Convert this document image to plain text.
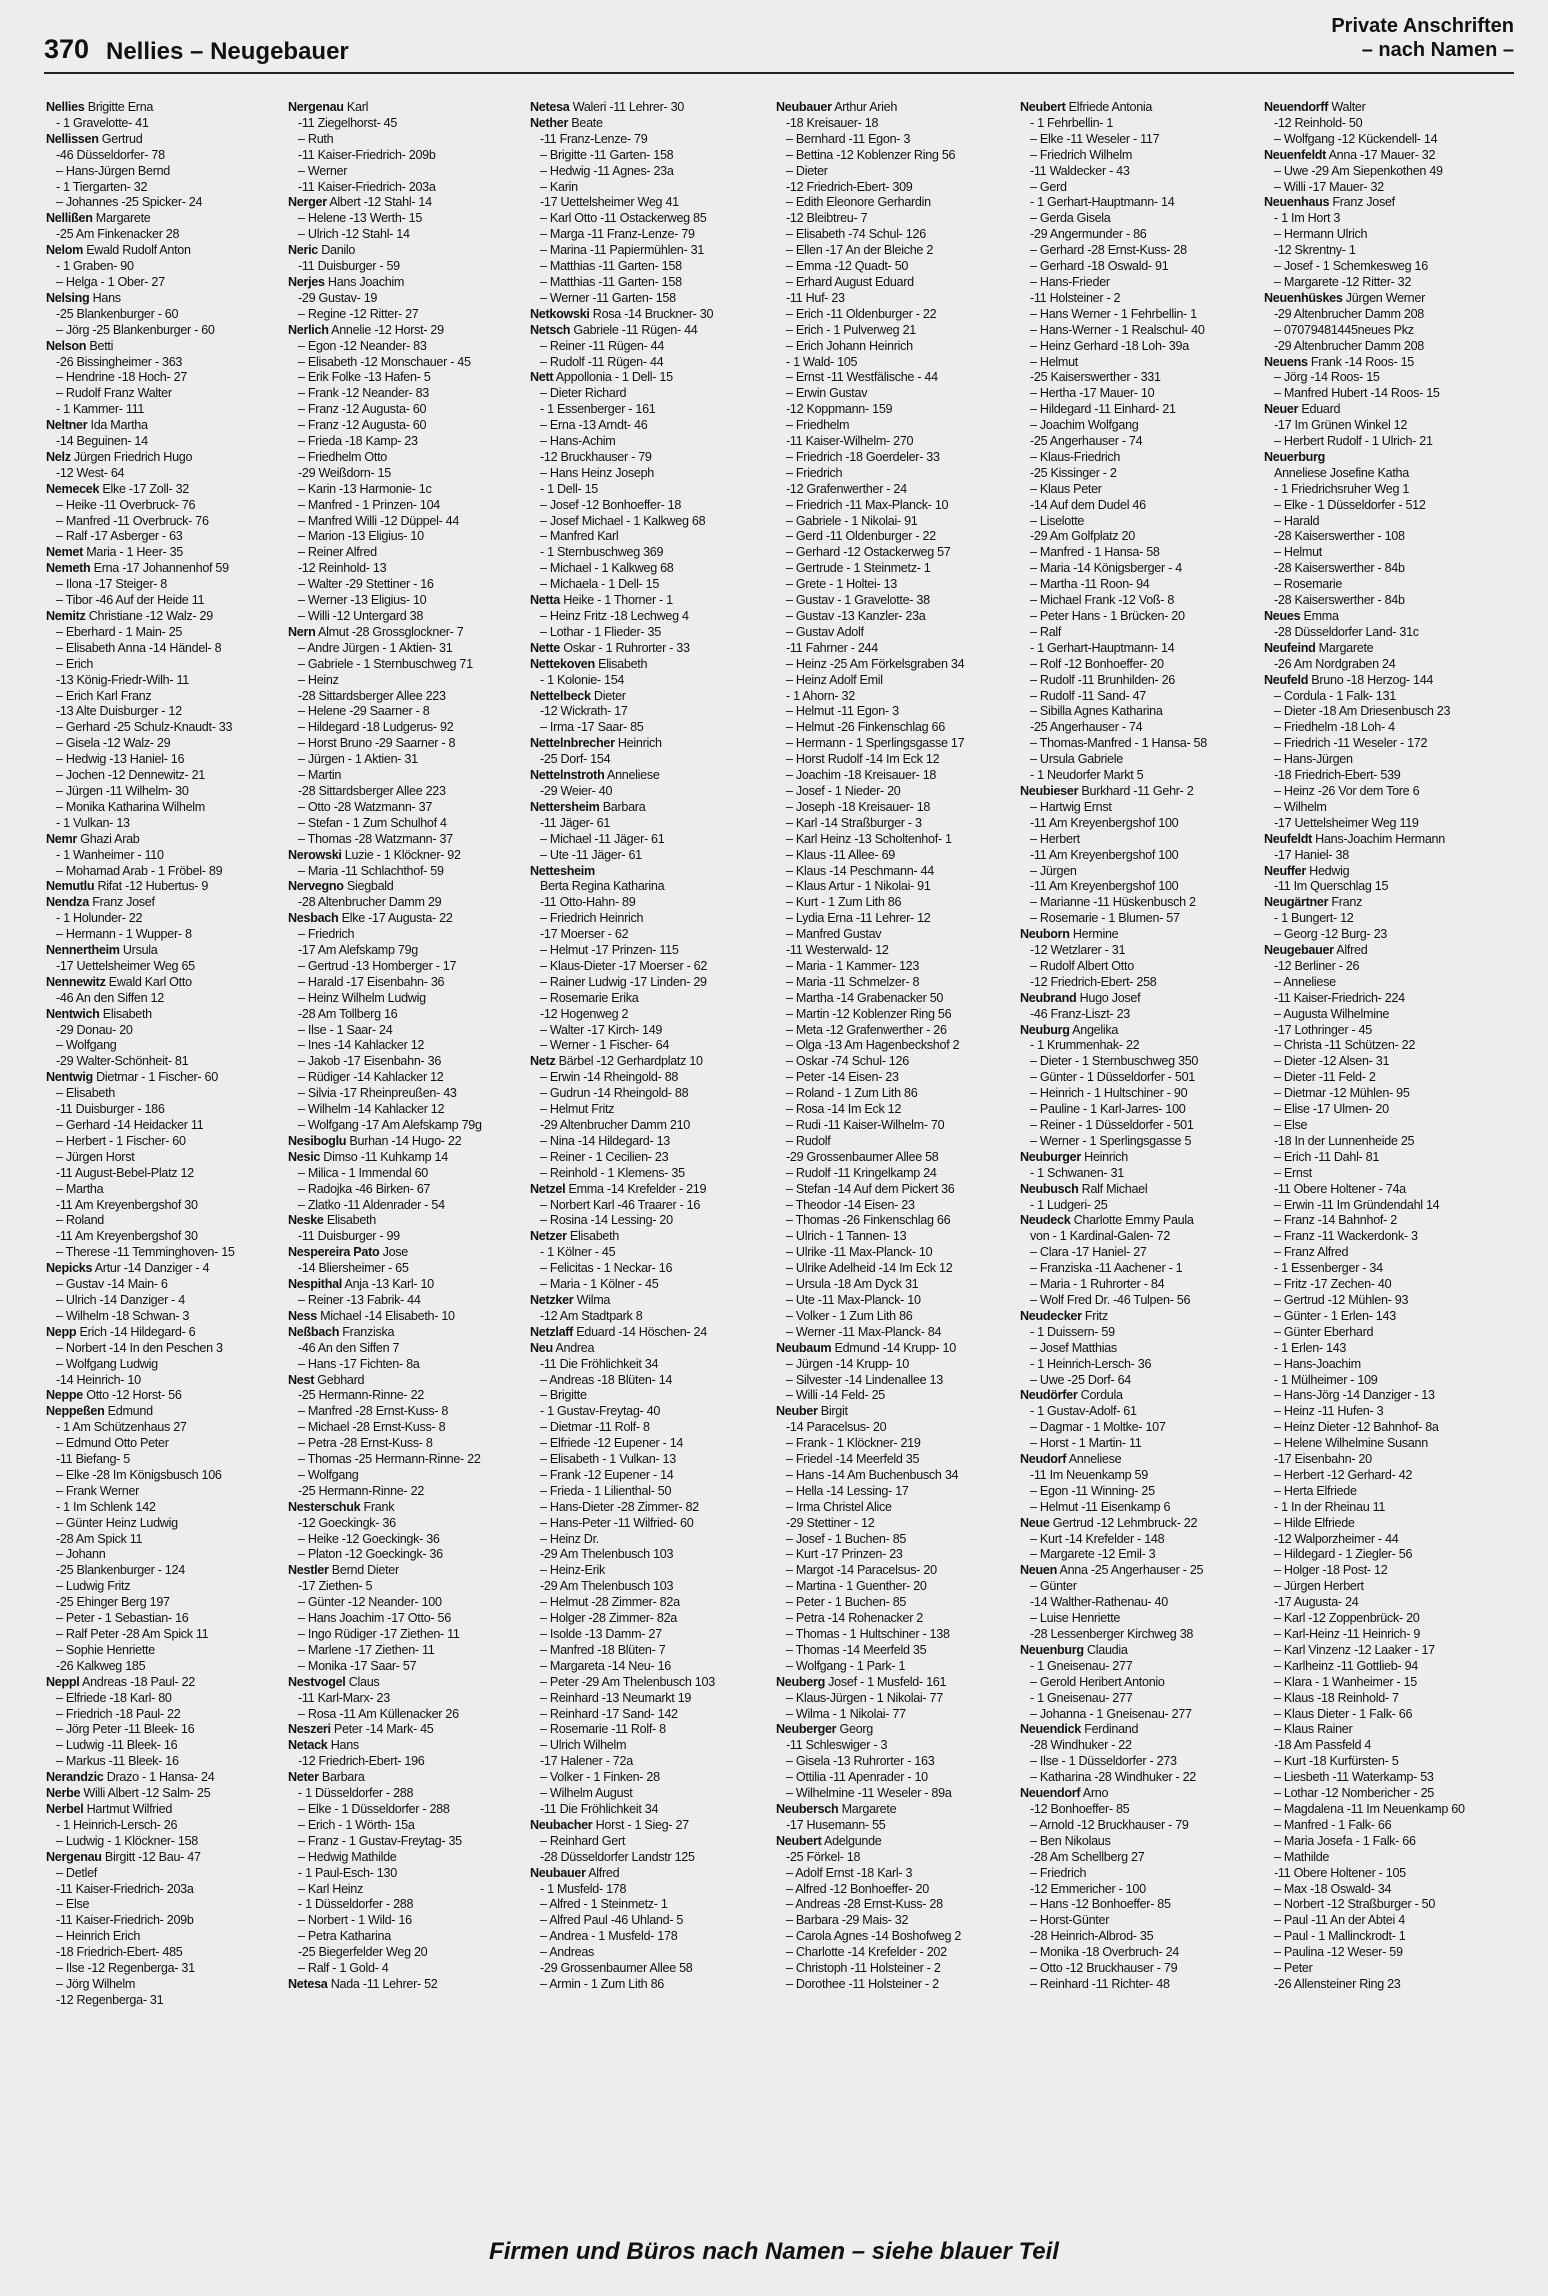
370 Nellies – Neugebauer
Private Anschriften
– nach Namen –
Nellies Brigitte Erna
- 1 Gravelotte- 41
Nellissen Gertrud
-46 Düsseldorfer- 78
– Hans-Jürgen Bernd
- 1 Tiergarten- 32
– Johannes -25 Spicker- 24
Nellißen Margarete
-25 Am Finkenacker 28
Nelom Ewald Rudolf Anton
- 1 Graben- 90
– Helga - 1 Ober- 27
Nelsing Hans
-25 Blankenburger - 60
– Jörg -25 Blankenburger - 60
Nelson Betti
-26 Bissingheimer - 363
– Hendrine -18 Hoch- 27
– Rudolf Franz Walter
- 1 Kammer- 111
Neltner Ida Martha
-14 Beguinen- 14
Nelz Jürgen Friedrich Hugo
-12 West- 64
Nemecek Elke -17 Zoll- 32
– Heike -11 Overbruck- 76
– Manfred -11 Overbruck- 76
– Ralf -17 Asberger - 63
Nemet Maria - 1 Heer- 35
Nemeth Erna -17 Johannenhof 59
– Ilona -17 Steiger- 8
– Tibor -46 Auf der Heide 11
Nemitz Christiane -12 Walz- 29
– Eberhard - 1 Main- 25
– Elisabeth Anna -14 Händel- 8
– Erich
-13 König-Friedr-Wilh- 11
– Erich Karl Franz
-13 Alte Duisburger - 12
– Gerhard -25 Schulz-Knaudt- 33
– Gisela -12 Walz- 29
– Hedwig -13 Haniel- 16
– Jochen -12 Dennewitz- 21
– Jürgen -11 Wilhelm- 30
– Monika Katharina Wilhelm
- 1 Vulkan- 13
Nemr Ghazi Arab
- 1 Wanheimer - 110
– Mohamad Arab - 1 Fröbel- 89
Nemutlu Rifat -12 Hubertus- 9
Nendza Franz Josef
- 1 Holunder- 22
– Hermann - 1 Wupper- 8
Nennertheim Ursula
-17 Uettelsheimer Weg 65
Nennewitz Ewald Karl Otto
-46 An den Siffen 12
Nentwich Elisabeth
-29 Donau- 20
– Wolfgang
-29 Walter-Schönheit- 81
Nentwig Dietmar - 1 Fischer- 60
– Elisabeth
-11 Duisburger - 186
– Gerhard -14 Heidacker 11
– Herbert - 1 Fischer- 60
– Jürgen Horst
-11 August-Bebel-Platz 12
– Martha
-11 Am Kreyenbergshof 30
– Roland
-11 Am Kreyenbergshof 30
– Therese -11 Temminghoven- 15
Nepicks Artur -14 Danziger - 4
– Gustav -14 Main- 6
– Ulrich -14 Danziger - 4
– Wilhelm -18 Schwan- 3
Nepp Erich -14 Hildegard- 6
– Norbert -14 In den Peschen 3
– Wolfgang Ludwig
-14 Heinrich- 10
Neppe Otto -12 Horst- 56
Neppeßen Edmund
- 1 Am Schützenhaus 27
– Edmund Otto Peter
-11 Biefang- 5
– Elke -28 Im Königsbusch 106
– Frank Werner
- 1 Im Schlenk 142
– Günter Heinz Ludwig
-28 Am Spick 11
– Johann
-25 Blankenburger - 124
– Ludwig Fritz
-25 Ehinger Berg 197
– Peter - 1 Sebastian- 16
– Ralf Peter -28 Am Spick 11
– Sophie Henriette
-26 Kalkweg 185
Neppl Andreas -18 Paul- 22
– Elfriede -18 Karl- 80
– Friedrich -18 Paul- 22
– Jörg Peter -11 Bleek- 16
– Ludwig -11 Bleek- 16
– Markus -11 Bleek- 16
Nerandzic Drazo - 1 Hansa- 24
Nerbe Willi Albert -12 Salm- 25
Nerbel Hartmut Wilfried
- 1 Heinrich-Lersch- 26
– Ludwig - 1 Klöckner- 158
Nergenau Birgitt -12 Bau- 47
– Detlef
-11 Kaiser-Friedrich- 203a
– Else
-11 Kaiser-Friedrich- 209b
– Heinrich Erich
-18 Friedrich-Ebert- 485
– Ilse -12 Regenberga- 31
– Jörg Wilhelm
-12 Regenberga- 31
Nergenau Karl
-11 Ziegelhorst- 45
– Ruth
-11 Kaiser-Friedrich- 209b
– Werner
-11 Kaiser-Friedrich- 203a
Nerger Albert -12 Stahl- 14
– Helene -13 Werth- 15
– Ulrich -12 Stahl- 14
Neric Danilo
-11 Duisburger - 59
Nerjes Hans Joachim
-29 Gustav- 19
– Regine -12 Ritter- 27
Nerlich Annelie -12 Horst- 29
– Egon -12 Neander- 83
– Elisabeth -12 Monschauer - 45
– Erik Folke -13 Hafen- 5
– Frank -12 Neander- 83
– Franz -12 Augusta- 60
– Franz -12 Augusta- 60
– Frieda -18 Kamp- 23
– Friedhelm Otto
-29 Weißdorn- 15
– Karin -13 Harmonie- 1c
– Manfred - 1 Prinzen- 104
– Manfred Willi -12 Düppel- 44
– Marion -13 Eligius- 10
– Reiner Alfred
-12 Reinhold- 13
– Walter -29 Stettiner - 16
– Werner -13 Eligius- 10
– Willi -12 Untergard 38
Nern Almut -28 Grossglockner- 7
– Andre Jürgen - 1 Aktien- 31
– Gabriele - 1 Sternbuschweg 71
– Heinz
-28 Sittardsberger Allee 223
– Helene -29 Saarner - 8
– Hildegard -18 Ludgerus- 92
– Horst Bruno -29 Saarner - 8
– Jürgen - 1 Aktien- 31
– Martin
-28 Sittardsberger Allee 223
– Otto -28 Watzmann- 37
– Stefan - 1 Zum Schulhof 4
– Thomas -28 Watzmann- 37
Nerowski Luzie - 1 Klöckner- 92
– Maria -11 Schlachthof- 59
Nervegno Siegbald
-28 Altenbrucher Damm 29
Nesbach Elke -17 Augusta- 22
– Friedrich
-17 Am Alefskamp 79g
– Gertrud -13 Homberger - 17
– Harald -17 Eisenbahn- 36
– Heinz Wilhelm Ludwig
-28 Am Tollberg 16
– Ilse - 1 Saar- 24
– Ines -14 Kahlacker 12
– Jakob -17 Eisenbahn- 36
– Rüdiger -14 Kahlacker 12
– Silvia -17 Rheinpreußen- 43
– Wilhelm -14 Kahlacker 12
– Wolfgang -17 Am Alefskamp 79g
Nesiboglu Burhan -14 Hugo- 22
Nesic Dimso -11 Kuhkamp 14
– Milica - 1 Immendal 60
– Radojka -46 Birken- 67
– Zlatko -11 Aldenrader - 54
Neske Elisabeth
-11 Duisburger - 99
Nespereira Pato Jose
-14 Bliersheimer - 65
Nespithal Anja -13 Karl- 10
– Reiner -13 Fabrik- 44
Ness Michael -14 Elisabeth- 10
Neßbach Franziska
-46 An den Siffen 7
– Hans -17 Fichten- 8a
Nest Gebhard
-25 Hermann-Rinne- 22
– Manfred -28 Ernst-Kuss- 8
– Michael -28 Ernst-Kuss- 8
– Petra -28 Ernst-Kuss- 8
– Thomas -25 Hermann-Rinne- 22
– Wolfgang
-25 Hermann-Rinne- 22
Nesterschuk Frank
-12 Goeckingk- 36
– Heike -12 Goeckingk- 36
– Platon -12 Goeckingk- 36
Nestler Bernd Dieter
-17 Ziethen- 5
– Günter -12 Neander- 100
– Hans Joachim -17 Otto- 56
– Ingo Rüdiger -17 Ziethen- 11
– Marlene -17 Ziethen- 11
– Monika -17 Saar- 57
Nestvogel Claus
-11 Karl-Marx- 23
– Rosa -11 Am Küllenacker 26
Neszeri Peter -14 Mark- 45
Netack Hans
-12 Friedrich-Ebert- 196
Neter Barbara
- 1 Düsseldorfer - 288
– Elke - 1 Düsseldorfer - 288
– Erich - 1 Wörth- 15a
– Franz - 1 Gustav-Freytag- 35
– Hedwig Mathilde
- 1 Paul-Esch- 130
– Karl Heinz
- 1 Düsseldorfer - 288
– Norbert - 1 Wild- 16
– Petra Katharina
-25 Biegerfelder Weg 20
– Ralf - 1 Gold- 4
Netesa Nada -11 Lehrer- 52
Netesa Waleri -11 Lehrer- 30
Nether Beate
-11 Franz-Lenze- 79
– Brigitte -11 Garten- 158
– Hedwig -11 Agnes- 23a
– Karin
-17 Uettelsheimer Weg 41
– Karl Otto -11 Ostackerweg 85
– Marga -11 Franz-Lenze- 79
– Marina -11 Papiermühlen- 31
– Matthias -11 Garten- 158
– Matthias -11 Garten- 158
– Werner -11 Garten- 158
Netkowski Rosa -14 Bruckner- 30
Netsch Gabriele -11 Rügen- 44
– Reiner -11 Rügen- 44
– Rudolf -11 Rügen- 44
Nett Appollonia - 1 Dell- 15
– Dieter Richard
- 1 Essenberger - 161
– Erna -13 Arndt- 46
– Hans-Achim
-12 Bruckhauser - 79
– Hans Heinz Joseph
- 1 Dell- 15
– Josef -12 Bonhoeffer- 18
– Josef Michael - 1 Kalkweg 68
– Manfred Karl
- 1 Sternbuschweg 369
– Michael - 1 Kalkweg 68
– Michaela - 1 Dell- 15
Netta Heike - 1 Thorner - 1
– Heinz Fritz -18 Lechweg 4
– Lothar - 1 Flieder- 35
Nette Oskar - 1 Ruhrorter - 33
Nettekoven Elisabeth
- 1 Kolonie- 154
Nettelbeck Dieter
-12 Wickrath- 17
– Irma -17 Saar- 85
Nettelnbrecher Heinrich
-25 Dorf- 154
Nettelnstroth Anneliese
-29 Weier- 40
Nettersheim Barbara
-11 Jäger- 61
– Michael -11 Jäger- 61
– Ute -11 Jäger- 61
Nettesheim
Berta Regina Katharina
-11 Otto-Hahn- 89
– Friedrich Heinrich
-17 Moerser - 62
– Helmut -17 Prinzen- 115
– Klaus-Dieter -17 Moerser - 62
– Rainer Ludwig -17 Linden- 29
– Rosemarie Erika
-12 Hogenweg 2
– Walter -17 Kirch- 149
– Werner - 1 Fischer- 64
Netz Bärbel -12 Gerhardplatz 10
– Erwin -14 Rheingold- 88
– Gudrun -14 Rheingold- 88
– Helmut Fritz
-29 Altenbrucher Damm 210
– Nina -14 Hildegard- 13
– Reiner - 1 Cecilien- 23
– Reinhold - 1 Klemens- 35
Netzel Emma -14 Krefelder - 219
– Norbert Karl -46 Traarer - 16
– Rosina -14 Lessing- 20
Netzer Elisabeth
- 1 Kölner - 45
– Felicitas - 1 Neckar- 16
– Maria - 1 Kölner - 45
Netzker Wilma
-12 Am Stadtpark 8
Netzlaff Eduard -14 Höschen- 24
Neu Andrea
-11 Die Fröhlichkeit 34
– Andreas -18 Blüten- 14
– Brigitte
- 1 Gustav-Freytag- 40
– Dietmar -11 Rolf- 8
– Elfriede -12 Eupener - 14
– Elisabeth - 1 Vulkan- 13
– Frank -12 Eupener - 14
– Frieda - 1 Lilienthal- 50
– Hans-Dieter -28 Zimmer- 82
– Hans-Peter -11 Wilfried- 60
– Heinz Dr.
-29 Am Thelenbusch 103
– Heinz-Erik
-29 Am Thelenbusch 103
– Helmut -28 Zimmer- 82a
– Holger -28 Zimmer- 82a
– Isolde -13 Damm- 27
– Manfred -18 Blüten- 7
– Margareta -14 Neu- 16
– Peter -29 Am Thelenbusch 103
– Reinhard -13 Neumarkt 19
– Reinhard -17 Sand- 142
– Rosemarie -11 Rolf- 8
– Ulrich Wilhelm
-17 Halener - 72a
– Volker - 1 Finken- 28
– Wilhelm August
-11 Die Fröhlichkeit 34
Neubacher Horst - 1 Sieg- 27
– Reinhard Gert
-28 Düsseldorfer Landstr 125
Neubauer Alfred
- 1 Musfeld- 178
– Alfred - 1 Steinmetz- 1
– Alfred Paul -46 Uhland- 5
– Andrea - 1 Musfeld- 178
– Andreas
-29 Grossenbaumer Allee 58
– Armin - 1 Zum Lith 86
Neubauer Arthur Arieh
-18 Kreisauer- 18
– Bernhard -11 Egon- 3
– Bettina -12 Koblenzer Ring 56
– Dieter
-12 Friedrich-Ebert- 309
– Edith Eleonore Gerhardin
-12 Bleibtreu- 7
– Elisabeth -74 Schul- 126
– Ellen -17 An der Bleiche 2
– Emma -12 Quadt- 50
– Erhard August Eduard
-11 Huf- 23
– Erich -11 Oldenburger - 22
– Erich - 1 Pulverweg 21
– Erich Johann Heinrich
- 1 Wald- 105
– Ernst -11 Westfälische - 44
– Erwin Gustav
-12 Koppmann- 159
– Friedhelm
-11 Kaiser-Wilhelm- 270
– Friedrich -18 Goerdeler- 33
– Friedrich
-12 Grafenwerther - 24
– Friedrich -11 Max-Planck- 10
– Gabriele - 1 Nikolai- 91
– Gerd -11 Oldenburger - 22
– Gerhard -12 Ostackerweg 57
– Gertrude - 1 Steinmetz- 1
– Grete - 1 Holtei- 13
– Gustav - 1 Gravelotte- 38
– Gustav -13 Kanzler- 23a
– Gustav Adolf
-11 Fahrner - 244
– Heinz -25 Am Förkelsgraben 34
– Heinz Adolf Emil
- 1 Ahorn- 32
– Helmut -11 Egon- 3
– Helmut -26 Finkenschlag 66
– Hermann - 1 Sperlingsgasse 17
– Horst Rudolf -14 Im Eck 12
– Joachim -18 Kreisauer- 18
– Josef - 1 Nieder- 20
– Joseph -18 Kreisauer- 18
– Karl -14 Straßburger - 3
– Karl Heinz -13 Scholtenhof- 1
– Klaus -11 Allee- 69
– Klaus -14 Peschmann- 44
– Klaus Artur - 1 Nikolai- 91
– Kurt - 1 Zum Lith 86
– Lydia Erna -11 Lehrer- 12
– Manfred Gustav
-11 Westerwald- 12
– Maria - 1 Kammer- 123
– Maria -11 Schmelzer- 8
– Martha -14 Grabenacker 50
– Martin -12 Koblenzer Ring 56
– Meta -12 Grafenwerther - 26
– Olga -13 Am Hagenbeckshof 2
– Oskar -74 Schul- 126
– Peter -14 Eisen- 23
– Roland - 1 Zum Lith 86
– Rosa -14 Im Eck 12
– Rudi -11 Kaiser-Wilhelm- 70
– Rudolf
-29 Grossenbaumer Allee 58
– Rudolf -11 Kringelkamp 24
– Stefan -14 Auf dem Pickert 36
– Theodor -14 Eisen- 23
– Thomas -26 Finkenschlag 66
– Ulrich - 1 Tannen- 13
– Ulrike -11 Max-Planck- 10
– Ulrike Adelheid -14 Im Eck 12
– Ursula -18 Am Dyck 31
– Ute -11 Max-Planck- 10
– Volker - 1 Zum Lith 86
– Werner -11 Max-Planck- 84
Neubaum Edmund -14 Krupp- 10
– Jürgen -14 Krupp- 10
– Silvester -14 Lindenallee 13
– Willi -14 Feld- 25
Neuber Birgit
-14 Paracelsus- 20
– Frank - 1 Klöckner- 219
– Friedel -14 Meerfeld 35
– Hans -14 Am Buchenbusch 34
– Hella -14 Lessing- 17
– Irma Christel Alice
-29 Stettiner - 12
– Josef - 1 Buchen- 85
– Kurt -17 Prinzen- 23
– Margot -14 Paracelsus- 20
– Martina - 1 Guenther- 20
– Peter - 1 Buchen- 85
– Petra -14 Rohenacker 2
– Thomas - 1 Hultschiner - 138
– Thomas -14 Meerfeld 35
– Wolfgang - 1 Park- 1
Neuberg Josef - 1 Musfeld- 161
– Klaus-Jürgen - 1 Nikolai- 77
– Wilma - 1 Nikolai- 77
Neuberger Georg
-11 Schleswiger - 3
– Gisela -13 Ruhrorter - 163
– Ottilia -11 Apenrader - 10
– Wilhelmine -11 Weseler - 89a
Neubersch Margarete
-17 Husemann- 55
Neubert Adelgunde
-25 Förkel- 18
– Adolf Ernst -18 Karl- 3
– Alfred -12 Bonhoeffer- 20
– Andreas -28 Ernst-Kuss- 28
– Barbara -29 Mais- 32
– Carola Agnes -14 Boshofweg 2
– Charlotte -14 Krefelder - 202
– Christoph -11 Holsteiner - 2
– Dorothee -11 Holsteiner - 2
Neubert Elfriede Antonia
- 1 Fehrbellin- 1
– Elke -11 Weseler - 117
– Friedrich Wilhelm
-11 Waldecker - 43
– Gerd
- 1 Gerhart-Hauptmann- 14
– Gerda Gisela
-29 Angermunder - 86
– Gerhard -28 Ernst-Kuss- 28
– Gerhard -18 Oswald- 91
– Hans-Frieder
-11 Holsteiner - 2
– Hans Werner - 1 Fehrbellin- 1
– Hans-Werner - 1 Realschul- 40
– Heinz Gerhard -18 Loh- 39a
– Helmut
-25 Kaiserswerther - 331
– Hertha -17 Mauer- 10
– Hildegard -11 Einhard- 21
– Joachim Wolfgang
-25 Angerhauser - 74
– Klaus-Friedrich
-25 Kissinger - 2
– Klaus Peter
-14 Auf dem Dudel 46
– Liselotte
-29 Am Golfplatz 20
– Manfred - 1 Hansa- 58
– Maria -14 Königsberger - 4
– Martha -11 Roon- 94
– Michael Frank -12 Voß- 8
– Peter Hans - 1 Brücken- 20
– Ralf
- 1 Gerhart-Hauptmann- 14
– Rolf -12 Bonhoeffer- 20
– Rudolf -11 Brunhilden- 26
– Rudolf -11 Sand- 47
– Sibilla Agnes Katharina
-25 Angerhauser - 74
– Thomas-Manfred - 1 Hansa- 58
– Ursula Gabriele
- 1 Neudorfer Markt 5
Neubieser Burkhard -11 Gehr- 2
– Hartwig Ernst
-11 Am Kreyenbergshof 100
– Herbert
-11 Am Kreyenbergshof 100
– Jürgen
-11 Am Kreyenbergshof 100
– Marianne -11 Hüskenbusch 2
– Rosemarie - 1 Blumen- 57
Neuborn Hermine
-12 Wetzlarer - 31
– Rudolf Albert Otto
-12 Friedrich-Ebert- 258
Neubrand Hugo Josef
-46 Franz-Liszt- 23
Neuburg Angelika
- 1 Krummenhak- 22
– Dieter - 1 Sternbuschweg 350
– Günter - 1 Düsseldorfer - 501
– Heinrich - 1 Hultschiner - 90
– Pauline - 1 Karl-Jarres- 100
– Reiner - 1 Düsseldorfer - 501
– Werner - 1 Sperlingsgasse 5
Neuburger Heinrich
- 1 Schwanen- 31
Neubusch Ralf Michael
- 1 Ludgeri- 25
Neudeck Charlotte Emmy Paula
von - 1 Kardinal-Galen- 72
– Clara -17 Haniel- 27
– Franziska -11 Aachener - 1
– Maria - 1 Ruhrorter - 84
– Wolf Fred Dr. -46 Tulpen- 56
Neudecker Fritz
- 1 Duissern- 59
– Josef Matthias
- 1 Heinrich-Lersch- 36
– Uwe -25 Dorf- 64
Neudörfer Cordula
- 1 Gustav-Adolf- 61
– Dagmar - 1 Moltke- 107
– Horst - 1 Martin- 11
Neudorf Anneliese
-11 Im Neuenkamp 59
– Egon -11 Winning- 25
– Helmut -11 Eisenkamp 6
Neue Gertrud -12 Lehmbruck- 22
– Kurt -14 Krefelder - 148
– Margarete -12 Emil- 3
Neuen Anna -25 Angerhauser - 25
– Günter
-14 Walther-Rathenau- 40
– Luise Henriette
-28 Lessenberger Kirchweg 38
Neuenburg Claudia
- 1 Gneisenau- 277
– Gerold Heribert Antonio
- 1 Gneisenau- 277
– Johanna - 1 Gneisenau- 277
Neuendick Ferdinand
-28 Windhuker - 22
– Ilse - 1 Düsseldorfer - 273
– Katharina -28 Windhuker - 22
Neuendorf Arno
-12 Bonhoeffer- 85
– Arnold -12 Bruckhauser - 79
– Ben Nikolaus
-28 Am Schellberg 27
– Friedrich
-12 Emmericher - 100
– Hans -12 Bonhoeffer- 85
– Horst-Günter
-28 Heinrich-Albrod- 35
– Monika -18 Overbruch- 24
– Otto -12 Bruckhauser - 79
– Reinhard -11 Richter- 48
Neuendorff Walter
-12 Reinhold- 50
– Wolfgang -12 Kückendell- 14
Neuenfeldt Anna -17 Mauer- 32
– Uwe -29 Am Siepenkothen 49
– Willi -17 Mauer- 32
Neuenhaus Franz Josef
- 1 Im Hort 3
– Hermann Ulrich
-12 Skrentny- 1
– Josef - 1 Schemkesweg 16
– Margarete -12 Ritter- 32
Neuenhüskes Jürgen Werner
-29 Altenbrucher Damm 208
– 07079481445neues Pkz
-29 Altenbrucher Damm 208
Neuens Frank -14 Roos- 15
– Jörg -14 Roos- 15
– Manfred Hubert -14 Roos- 15
Neuer Eduard
-17 Im Grünen Winkel 12
– Herbert Rudolf - 1 Ulrich- 21
Neuerburg
Anneliese Josefine Katha
- 1 Friedrichsruher Weg 1
– Elke - 1 Düsseldorfer - 512
– Harald
-28 Kaiserswerther - 108
– Helmut
-28 Kaiserswerther - 84b
– Rosemarie
-28 Kaiserswerther - 84b
Neues Emma
-28 Düsseldorfer Land- 31c
Neufeind Margarete
-26 Am Nordgraben 24
Neufeld Bruno -18 Herzog- 144
– Cordula - 1 Falk- 131
– Dieter -18 Am Driesenbusch 23
– Friedhelm -18 Loh- 4
– Friedrich -11 Weseler - 172
– Hans-Jürgen
-18 Friedrich-Ebert- 539
– Heinz -26 Vor dem Tore 6
– Wilhelm
-17 Uettelsheimer Weg 119
Neufeldt Hans-Joachim Hermann
-17 Haniel- 38
Neuffer Hedwig
-11 Im Querschlag 15
Neugärtner Franz
- 1 Bungert- 12
– Georg -12 Burg- 23
Neugebauer Alfred
-12 Berliner - 26
– Anneliese
-11 Kaiser-Friedrich- 224
– Augusta Wilhelmine
-17 Lothringer - 45
– Christa -11 Schützen- 22
– Dieter -12 Alsen- 31
– Dieter -11 Feld- 2
– Dietmar -12 Mühlen- 95
– Elise -17 Ulmen- 20
– Else
-18 In der Lunnenheide 25
– Erich -11 Dahl- 81
– Ernst
-11 Obere Holtener - 74a
– Erwin -11 Im Gründendahl 14
– Franz -14 Bahnhof- 2
– Franz -11 Wackerdonk- 3
– Franz Alfred
- 1 Essenberger - 34
– Fritz -17 Zechen- 40
– Gertrud -12 Mühlen- 93
– Günter - 1 Erlen- 143
– Günter Eberhard
- 1 Erlen- 143
– Hans-Joachim
- 1 Mülheimer - 109
– Hans-Jörg -14 Danziger - 13
– Heinz -11 Hufen- 3
– Heinz Dieter -12 Bahnhof- 8a
– Helene Wilhelmine Susann
-17 Eisenbahn- 20
– Herbert -12 Gerhard- 42
– Herta Elfriede
- 1 In der Rheinau 11
– Hilde Elfriede
-12 Walporzheimer - 44
– Hildegard - 1 Ziegler- 56
– Holger -18 Post- 12
– Jürgen Herbert
-17 Augusta- 24
– Karl -12 Zoppenbrück- 20
– Karl-Heinz -11 Heinrich- 9
– Karl Vinzenz -12 Laaker - 17
– Karlheinz -11 Gottlieb- 94
– Klara - 1 Wanheimer - 15
– Klaus -18 Reinhold- 7
– Klaus Dieter - 1 Falk- 66
– Klaus Rainer
-18 Am Passfeld 4
– Kurt -18 Kurfürsten- 5
– Liesbeth -11 Waterkamp- 53
– Lothar -12 Nombericher - 25
– Magdalena -11 Im Neuenkamp 60
– Manfred - 1 Falk- 66
– Maria Josefa - 1 Falk- 66
– Mathilde
-11 Obere Holtener - 105
– Max -18 Oswald- 34
– Norbert -12 Straßburger - 50
– Paul -11 An der Abtei 4
– Paul - 1 Mallinckrodt- 1
– Paulina -12 Weser- 59
– Peter
-26 Allensteiner Ring 23
Firmen und Büros nach Namen – siehe blauer Teil
